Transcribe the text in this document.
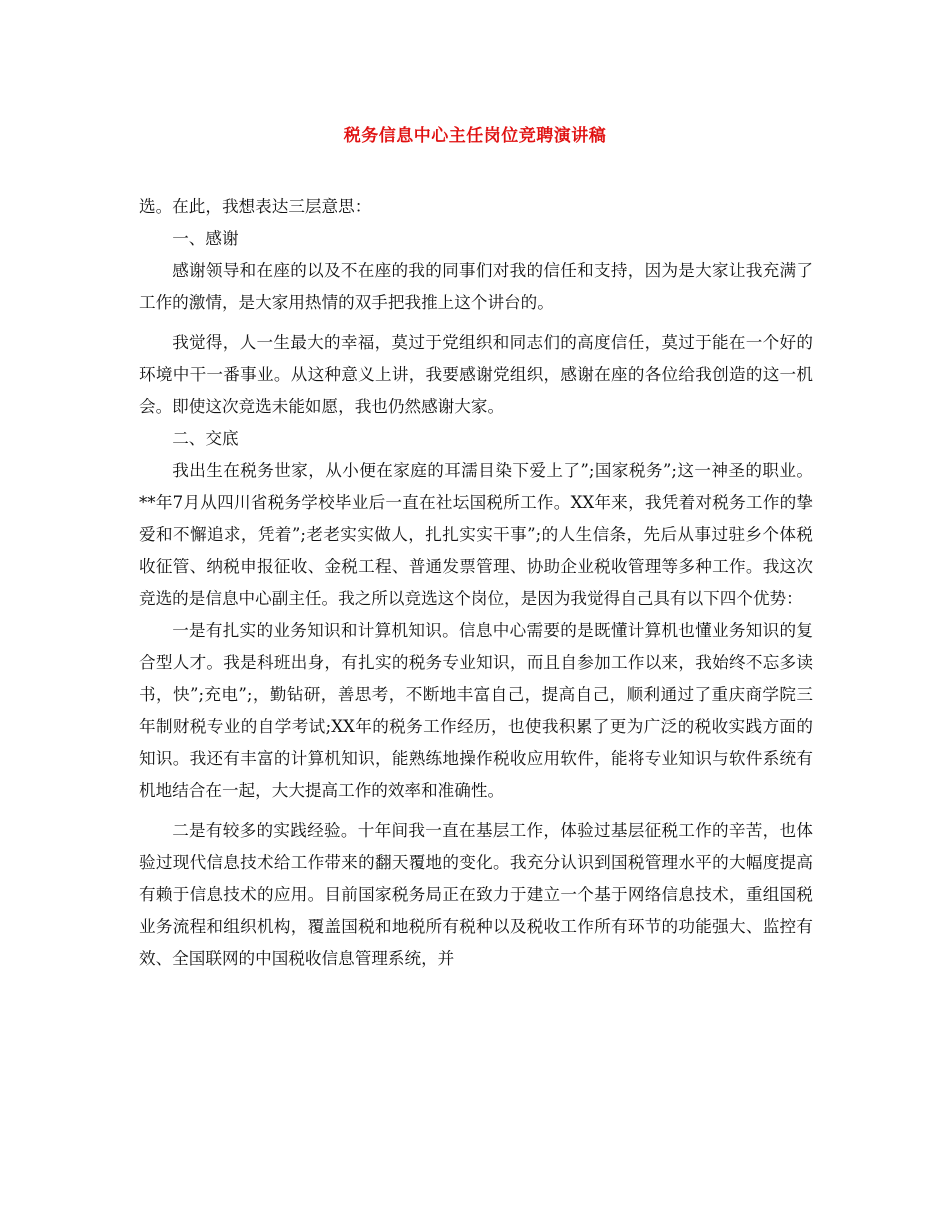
税务信息中心主任岗位竞聘演讲稿

选。在此，我想表达三层意思：

一、感谢

感谢领导和在座的以及不在座的我的同事们对我的信任和支持，因为是大家让我充满了工作的激情，是大家用热情的双手把我推上这个讲台的。

我觉得，人一生最大的幸福，莫过于党组织和同志们的高度信任，莫过于能在一个好的环境中干一番事业。从这种意义上讲，我要感谢党组织，感谢在座的各位给我创造的这一机会。即使这次竞选未能如愿，我也仍然感谢大家。

二、交底

我出生在税务世家，从小便在家庭的耳濡目染下爱上了”;国家税务”;这一神圣的职业。**年7月从四川省税务学校毕业后一直在社坛国税所工作。XX年来，我凭着对税务工作的挚爱和不懈追求，凭着”;老老实实做人，扎扎实实干事”;的人生信条，先后从事过驻乡个体税收征管、纳税申报征收、金税工程、普通发票管理、协助企业税收管理等多种工作。我这次竞选的是信息中心副主任。我之所以竞选这个岗位，是因为我觉得自己具有以下四个优势：

一是有扎实的业务知识和计算机知识。信息中心需要的是既懂计算机也懂业务知识的复合型人才。我是科班出身，有扎实的税务专业知识，而且自参加工作以来，我始终不忘多读书，快”;充电”;，勤钻研，善思考，不断地丰富自己，提高自己，顺利通过了重庆商学院三年制财税专业的自学考试;XX年的税务工作经历，也使我积累了更为广泛的税收实践方面的知识。我还有丰富的计算机知识，能熟练地操作税收应用软件，能将专业知识与软件系统有机地结合在一起，大大提高工作的效率和准确性。

二是有较多的实践经验。十年间我一直在基层工作，体验过基层征税工作的辛苦，也体验过现代信息技术给工作带来的翻天覆地的变化。我充分认识到国税管理水平的大幅度提高有赖于信息技术的应用。目前国家税务局正在致力于建立一个基于网络信息技术，重组国税业务流程和组织机构，覆盖国税和地税所有税种以及税收工作所有环节的功能强大、监控有效、全国联网的中国税收信息管理系统，并
